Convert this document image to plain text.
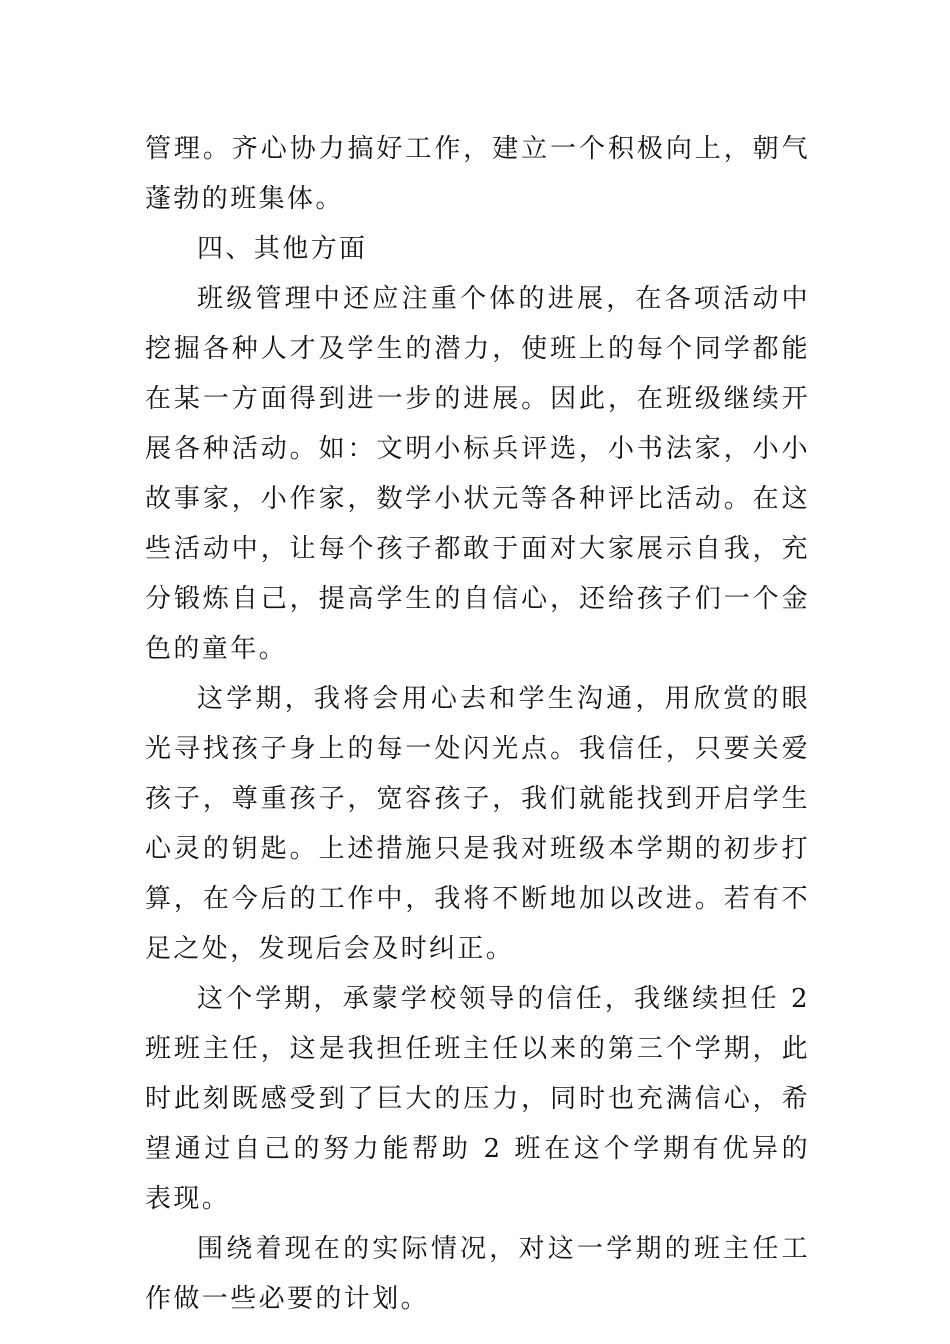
管理。齐心协力搞好工作，建立一个积极向上，朝气蓬勃的班集体。

四、其他方面

班级管理中还应注重个体的进展，在各项活动中挖掘各种人才及学生的潜力，使班上的每个同学都能在某一方面得到进一步的进展。因此，在班级继续开展各种活动。如：文明小标兵评选，小书法家，小小故事家，小作家，数学小状元等各种评比活动。在这些活动中，让每个孩子都敢于面对大家展示自我，充分锻炼自己，提高学生的自信心，还给孩子们一个金色的童年。

这学期，我将会用心去和学生沟通，用欣赏的眼光寻找孩子身上的每一处闪光点。我信任，只要关爱孩子，尊重孩子，宽容孩子，我们就能找到开启学生心灵的钥匙。上述措施只是我对班级本学期的初步打算，在今后的工作中，我将不断地加以改进。若有不足之处，发现后会及时纠正。

这个学期，承蒙学校领导的信任，我继续担任 2 班班主任，这是我担任班主任以来的第三个学期，此时此刻既感受到了巨大的压力，同时也充满信心，希望通过自己的努力能帮助 2 班在这个学期有优异的表现。

围绕着现在的实际情况，对这一学期的班主任工作做一些必要的计划。
